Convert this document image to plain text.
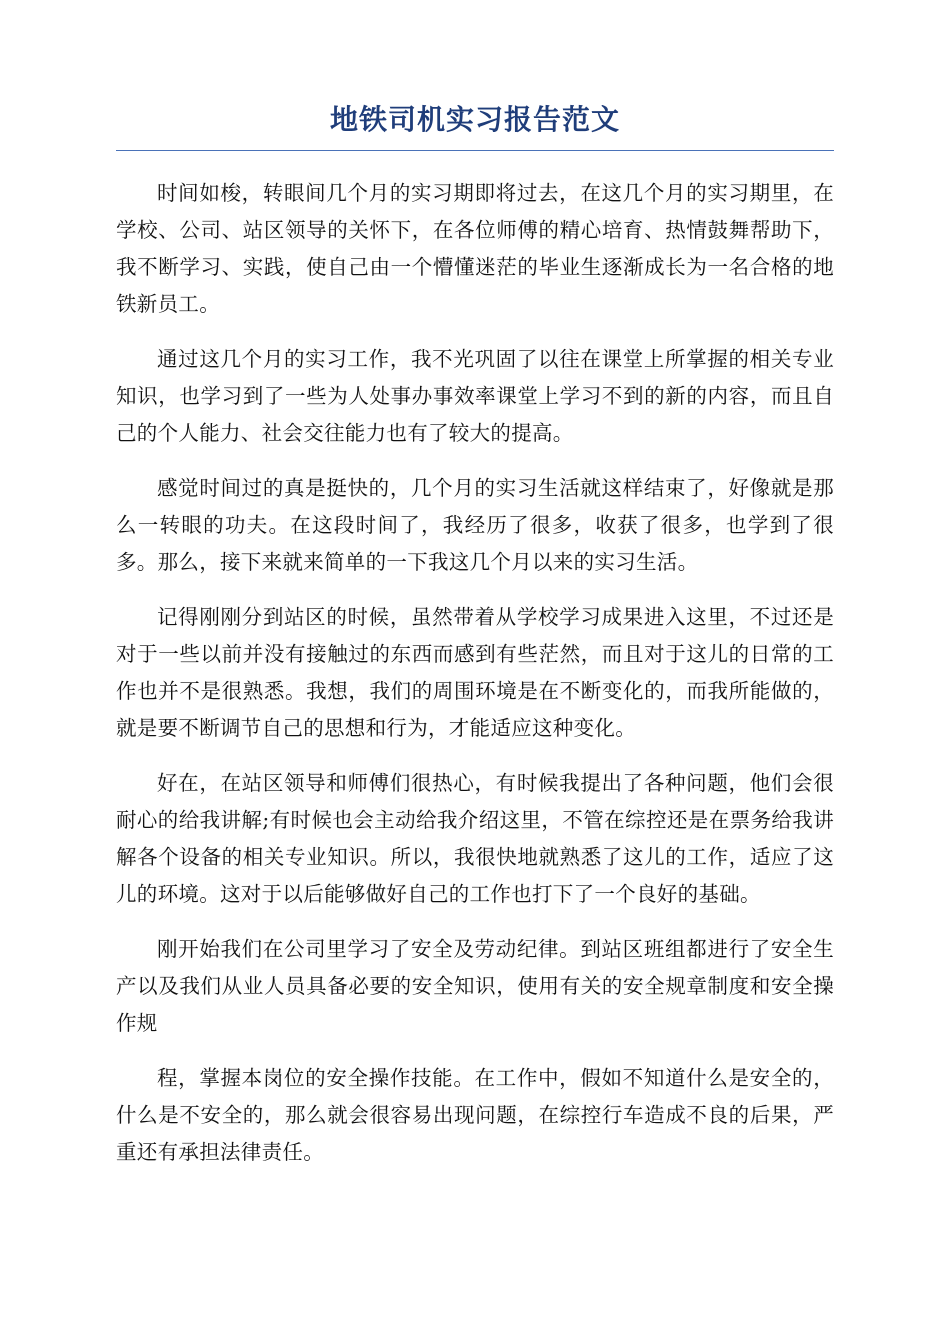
地铁司机实习报告范文

时间如梭，转眼间几个月的实习期即将过去，在这几个月的实习期里，在学校、公司、站区领导的关怀下，在各位师傅的精心培育、热情鼓舞帮助下，我不断学习、实践，使自己由一个懵懂迷茫的毕业生逐渐成长为一名合格的地铁新员工。

通过这几个月的实习工作，我不光巩固了以往在课堂上所掌握的相关专业知识，也学习到了一些为人处事办事效率课堂上学习不到的新的内容，而且自己的个人能力、社会交往能力也有了较大的提高。

感觉时间过的真是挺快的，几个月的实习生活就这样结束了，好像就是那么一转眼的功夫。在这段时间了，我经历了很多，收获了很多，也学到了很多。那么，接下来就来简单的一下我这几个月以来的实习生活。

记得刚刚分到站区的时候，虽然带着从学校学习成果进入这里，不过还是对于一些以前并没有接触过的东西而感到有些茫然，而且对于这儿的日常的工作也并不是很熟悉。我想，我们的周围环境是在不断变化的，而我所能做的，就是要不断调节自己的思想和行为，才能适应这种变化。

好在，在站区领导和师傅们很热心，有时候我提出了各种问题，他们会很耐心的给我讲解;有时候也会主动给我介绍这里，不管在综控还是在票务给我讲解各个设备的相关专业知识。所以，我很快地就熟悉了这儿的工作，适应了这儿的环境。这对于以后能够做好自己的工作也打下了一个良好的基础。

刚开始我们在公司里学习了安全及劳动纪律。到站区班组都进行了安全生产以及我们从业人员具备必要的安全知识，使用有关的安全规章制度和安全操作规

程，掌握本岗位的安全操作技能。在工作中，假如不知道什么是安全的，什么是不安全的，那么就会很容易出现问题，在综控行车造成不良的后果，严重还有承担法律责任。
